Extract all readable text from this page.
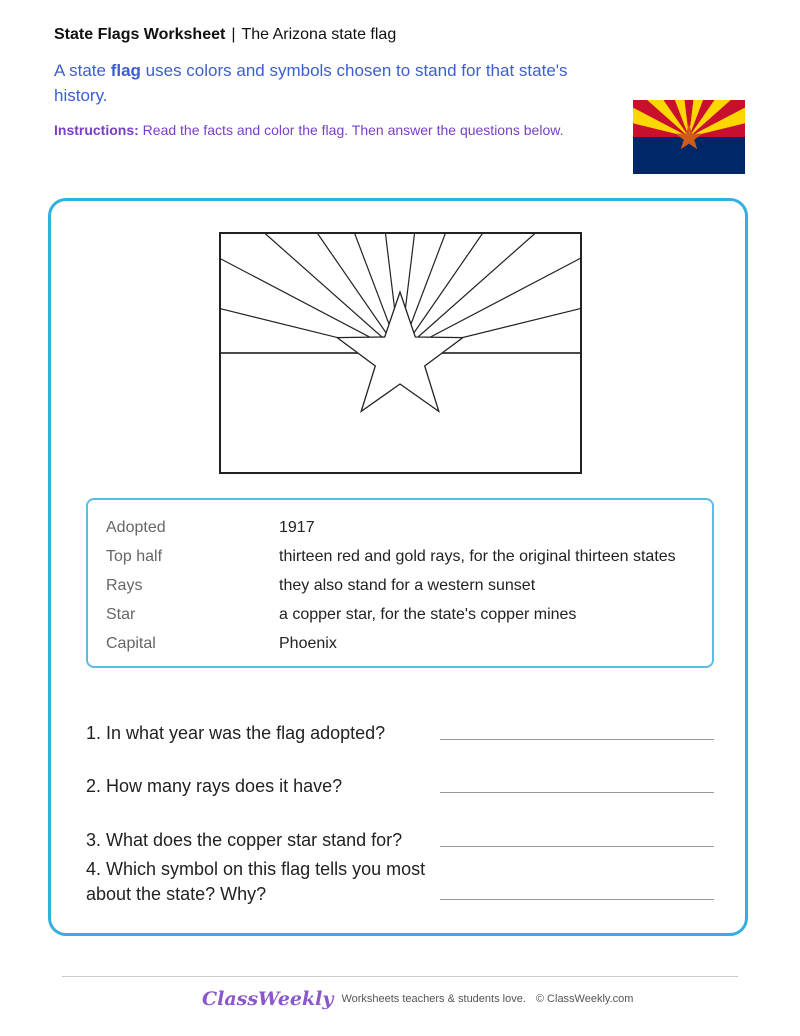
State Flags Worksheet | The Arizona state flag
A state flag uses colors and symbols chosen to stand for that state's history.
Instructions: Read the facts and color the flag. Then answer the questions below.
Adopted	1917
Top half	thirteen red and gold rays, for the original thirteen states
Rays	they also stand for a western sunset
Star	a copper star, for the state's copper mines
Capital	Phoenix
1. In what year was the flag adopted?
2. How many rays does it have?
3. What does the copper star stand for?
4. Which symbol on this flag tells you most about the state? Why?
ClassWeekly Worksheets teachers & students love. © ClassWeekly.com
